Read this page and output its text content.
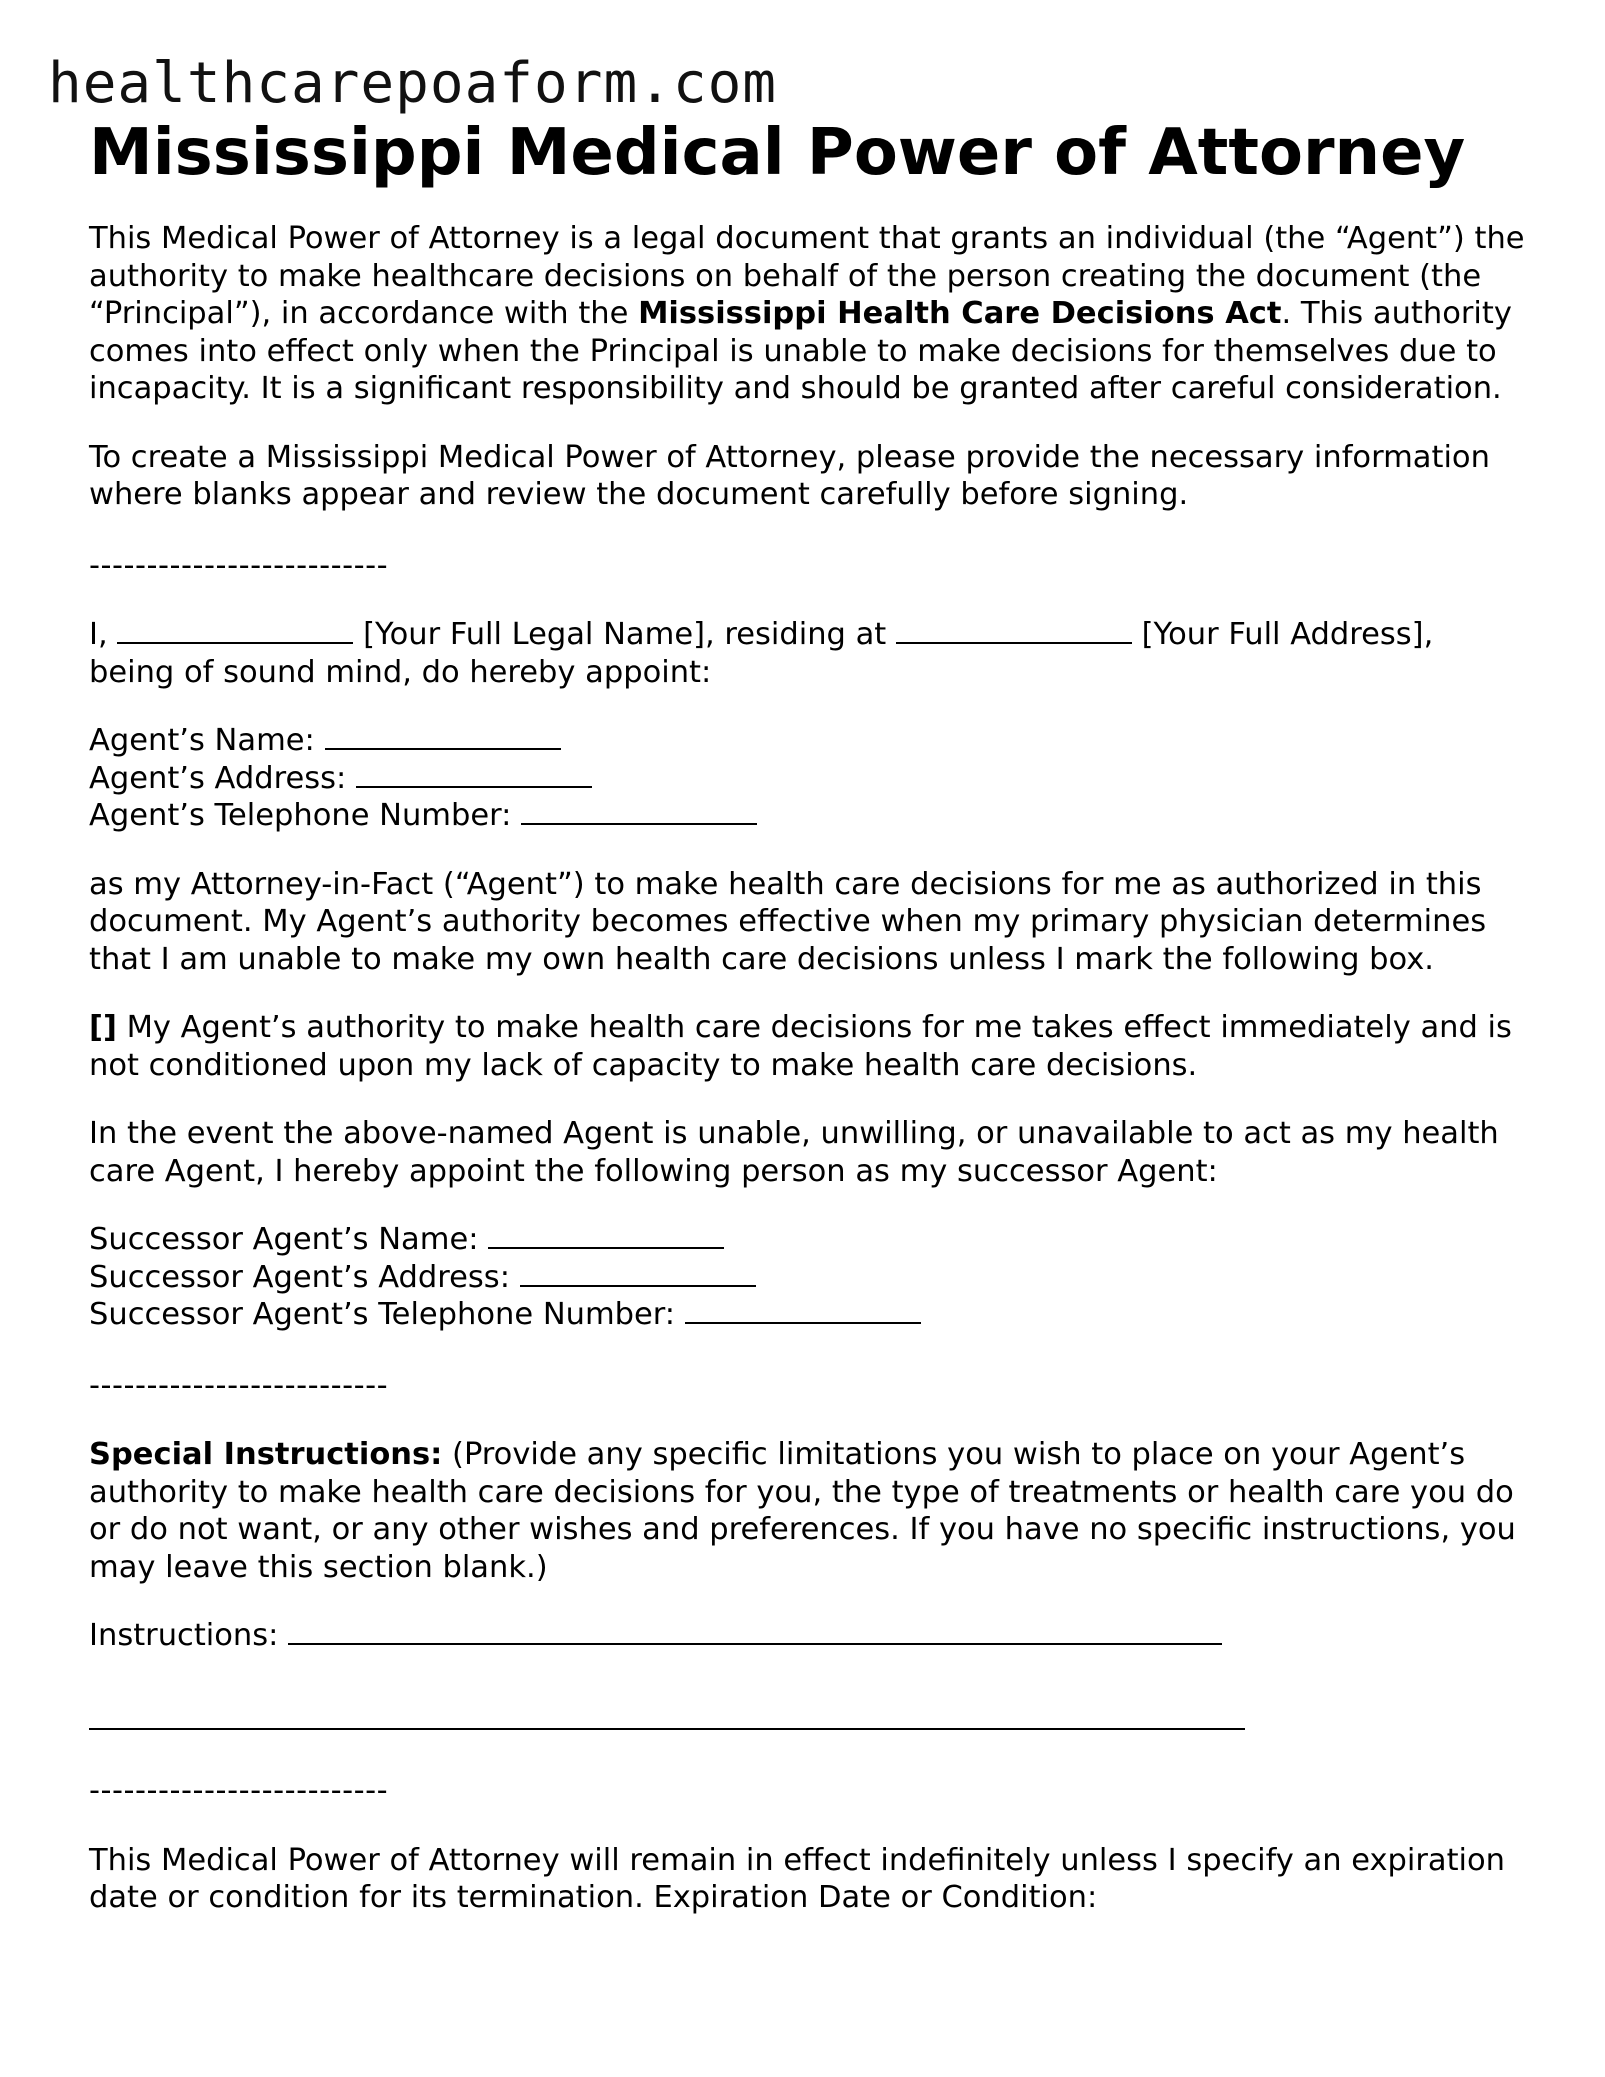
healthcarepoaform.com
Mississippi Medical Power of Attorney

This Medical Power of Attorney is a legal document that grants an individual (the “Agent”) the authority to make healthcare decisions on behalf of the person creating the document (the “Principal”), in accordance with the Mississippi Health Care Decisions Act. This authority comes into effect only when the Principal is unable to make decisions for themselves due to incapacity. It is a significant responsibility and should be granted after careful consideration.

To create a Mississippi Medical Power of Attorney, please provide the necessary information where blanks appear and review the document carefully before signing.

--------------------------

I,	[Your Full Legal Name], residing at	[Your Full Address],

being of sound mind, do hereby appoint:

Agent’s Name:

Agent’s Address:

Agent’s Telephone Number:

as my Attorney-in-Fact (“Agent”) to make health care decisions for me as authorized in this document. My Agent’s authority becomes effective when my primary physician determines that I am unable to make my own health care decisions unless I mark the following box.

[] My Agent’s authority to make health care decisions for me takes effect immediately and is not conditioned upon my lack of capacity to make health care decisions.

In the event the above-named Agent is unable, unwilling, or unavailable to act as my health care Agent, I hereby appoint the following person as my successor Agent:

Successor Agent’s Name:

Successor Agent’s Address:

Successor Agent’s Telephone Number:

--------------------------

Special Instructions: (Provide any specific limitations you wish to place on your Agent’s authority to make health care decisions for you, the type of treatments or health care you do or do not want, or any other wishes and preferences. If you have no specific instructions, you may leave this section blank.)

Instructions:

--------------------------

This Medical Power of Attorney will remain in effect indefinitely unless I specify an expiration date or condition for its termination. Expiration Date or Condition:
